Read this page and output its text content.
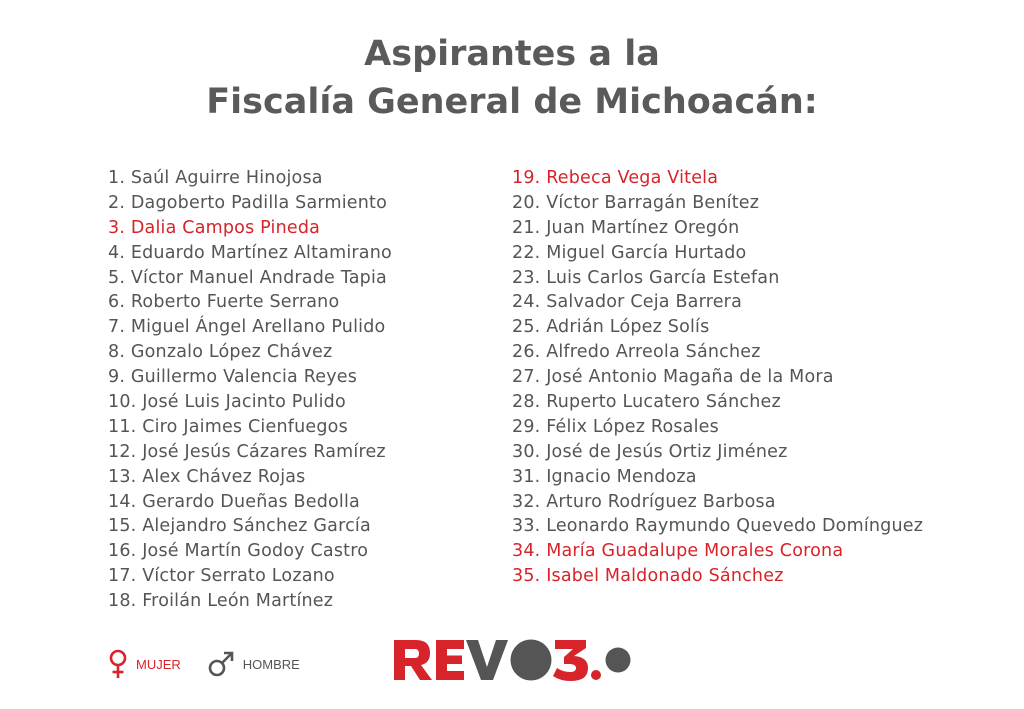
Aspirantes a la
Fiscalía General de Michoacán:
1. Saúl Aguirre Hinojosa
2. Dagoberto Padilla Sarmiento
3. Dalia Campos Pineda
4. Eduardo Martínez Altamirano
5. Víctor Manuel Andrade Tapia
6. Roberto Fuerte Serrano
7. Miguel Ángel Arellano Pulido
8. Gonzalo López Chávez
9. Guillermo Valencia Reyes
10. José Luis Jacinto Pulido
11. Ciro Jaimes Cienfuegos
12. José Jesús Cázares Ramírez
13. Alex Chávez Rojas
14. Gerardo Dueñas Bedolla
15. Alejandro Sánchez García
16. José Martín Godoy Castro
17. Víctor Serrato Lozano
18. Froilán León Martínez
19. Rebeca Vega Vitela
20. Víctor Barragán Benítez
21. Juan Martínez Oregón
22. Miguel García Hurtado
23. Luis Carlos García Estefan
24. Salvador Ceja Barrera
25. Adrián López Solís
26. Alfredo Arreola Sánchez
27. José Antonio Magaña de la Mora
28. Ruperto Lucatero Sánchez
29. Félix López Rosales
30. José de Jesús Ortiz Jiménez
31. Ignacio Mendoza
32. Arturo Rodríguez Barbosa
33. Leonardo Raymundo Quevedo Domínguez
34. María Guadalupe Morales Corona
35. Isabel Maldonado Sánchez
MUJER	HOMBRE
